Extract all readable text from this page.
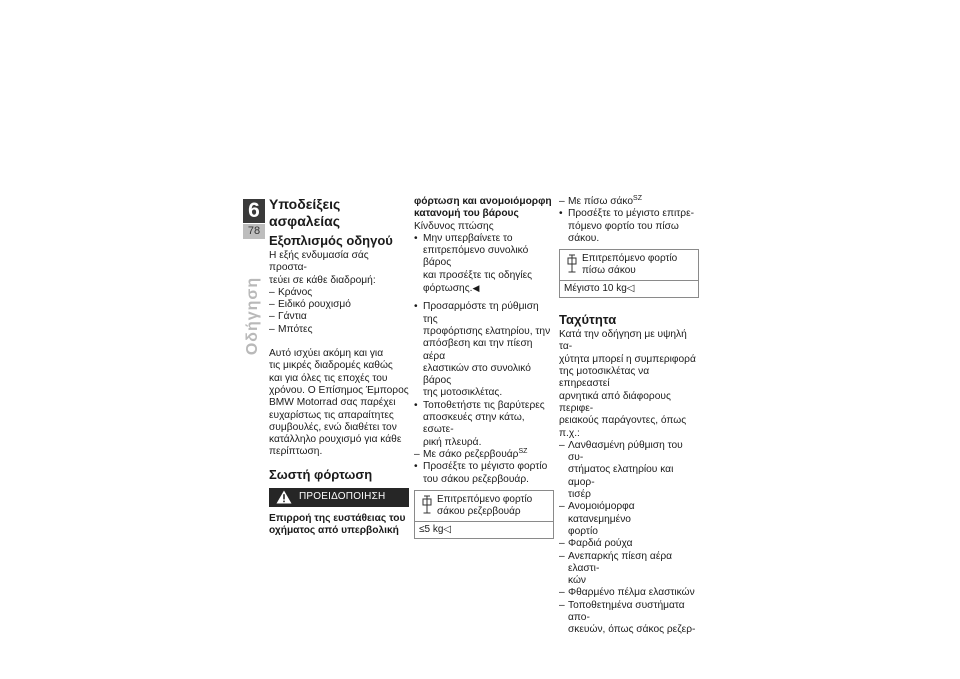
6
78
Οδήγηση
Υποδείξεις ασφαλείας
Εξοπλισμός οδηγού

Η εξής ενδυμασία σάς προστα-

τεύει σε κάθε διαδρομή:

– Κράνος
– Ειδικό ρουχισμό
– Γάντια
– Μπότες

Αυτό ισχύει ακόμη και για

τις μικρές διαδρομές καθώς

και για όλες τις εποχές του

χρόνου. Ο Επίσημος Έμπορος

BMW Motorrad σας παρέχει

ευχαρίστως τις απαραίτητες

συμβουλές, ενώ διαθέτει τον

κατάλληλο ρουχισμό για κάθε

περίπτωση.

Σωστή φόρτωση
ΠΡΟΕΙΔΟΠΟΙΗΣΗ

Επιρροή της ευστάθειας του

οχήματος από υπερβολική

φόρτωση και ανομοιόμορφη

κατανομή του βάρους

Κίνδυνος πτώσης

• Μην υπερβαίνετε το
επιτρεπόμενο συνολικό βάρος
και προσέξτε τις οδηγίες
φόρτωσης.◀
• Προσαρμόστε τη ρύθμιση της
προφόρτισης ελατηρίου, την
απόσβεση και την πίεση αέρα
ελαστικών στο συνολικό βάρος
της μοτοσικλέτας.
• Τοποθετήστε τις βαρύτερες
αποσκευές στην κάτω, εσωτε-
ρική πλευρά.
– Με σάκο ρεζερβουάρ$^{SZ}$
• Προσέξτε το μέγιστο φορτίο
του σάκου ρεζερβουάρ.
Επιτρεπόμενο φορτίο
σάκου ρεζερβουάρ
≤5 kg◁
– Με πίσω σάκο$^{SZ}$
• Προσέξτε το μέγιστο επιτρε-
πόμενο φορτίο του πίσω σάκου.
Επιτρεπόμενο φορτίο
πίσω σάκου
Μέγιστο 10 kg◁
Ταχύτητα

Κατά την οδήγηση με υψηλή τα-

χύτητα μπορεί η συμπεριφορά

της μοτοσικλέτας να επηρεαστεί

αρνητικά από διάφορους περιφε-

ρειακούς παράγοντες, όπως π.χ.:

– Λανθασμένη ρύθμιση του συ-
στήματος ελατηρίου και αμορ-
τισέρ
– Ανομοιόμορφα κατανεμημένο
φορτίο
– Φαρδιά ρούχα
– Ανεπαρκής πίεση αέρα ελαστι-
κών
– Φθαρμένο πέλμα ελαστικών
– Τοποθετημένα συστήματα απο-
σκευών, όπως σάκος ρεζερ-
